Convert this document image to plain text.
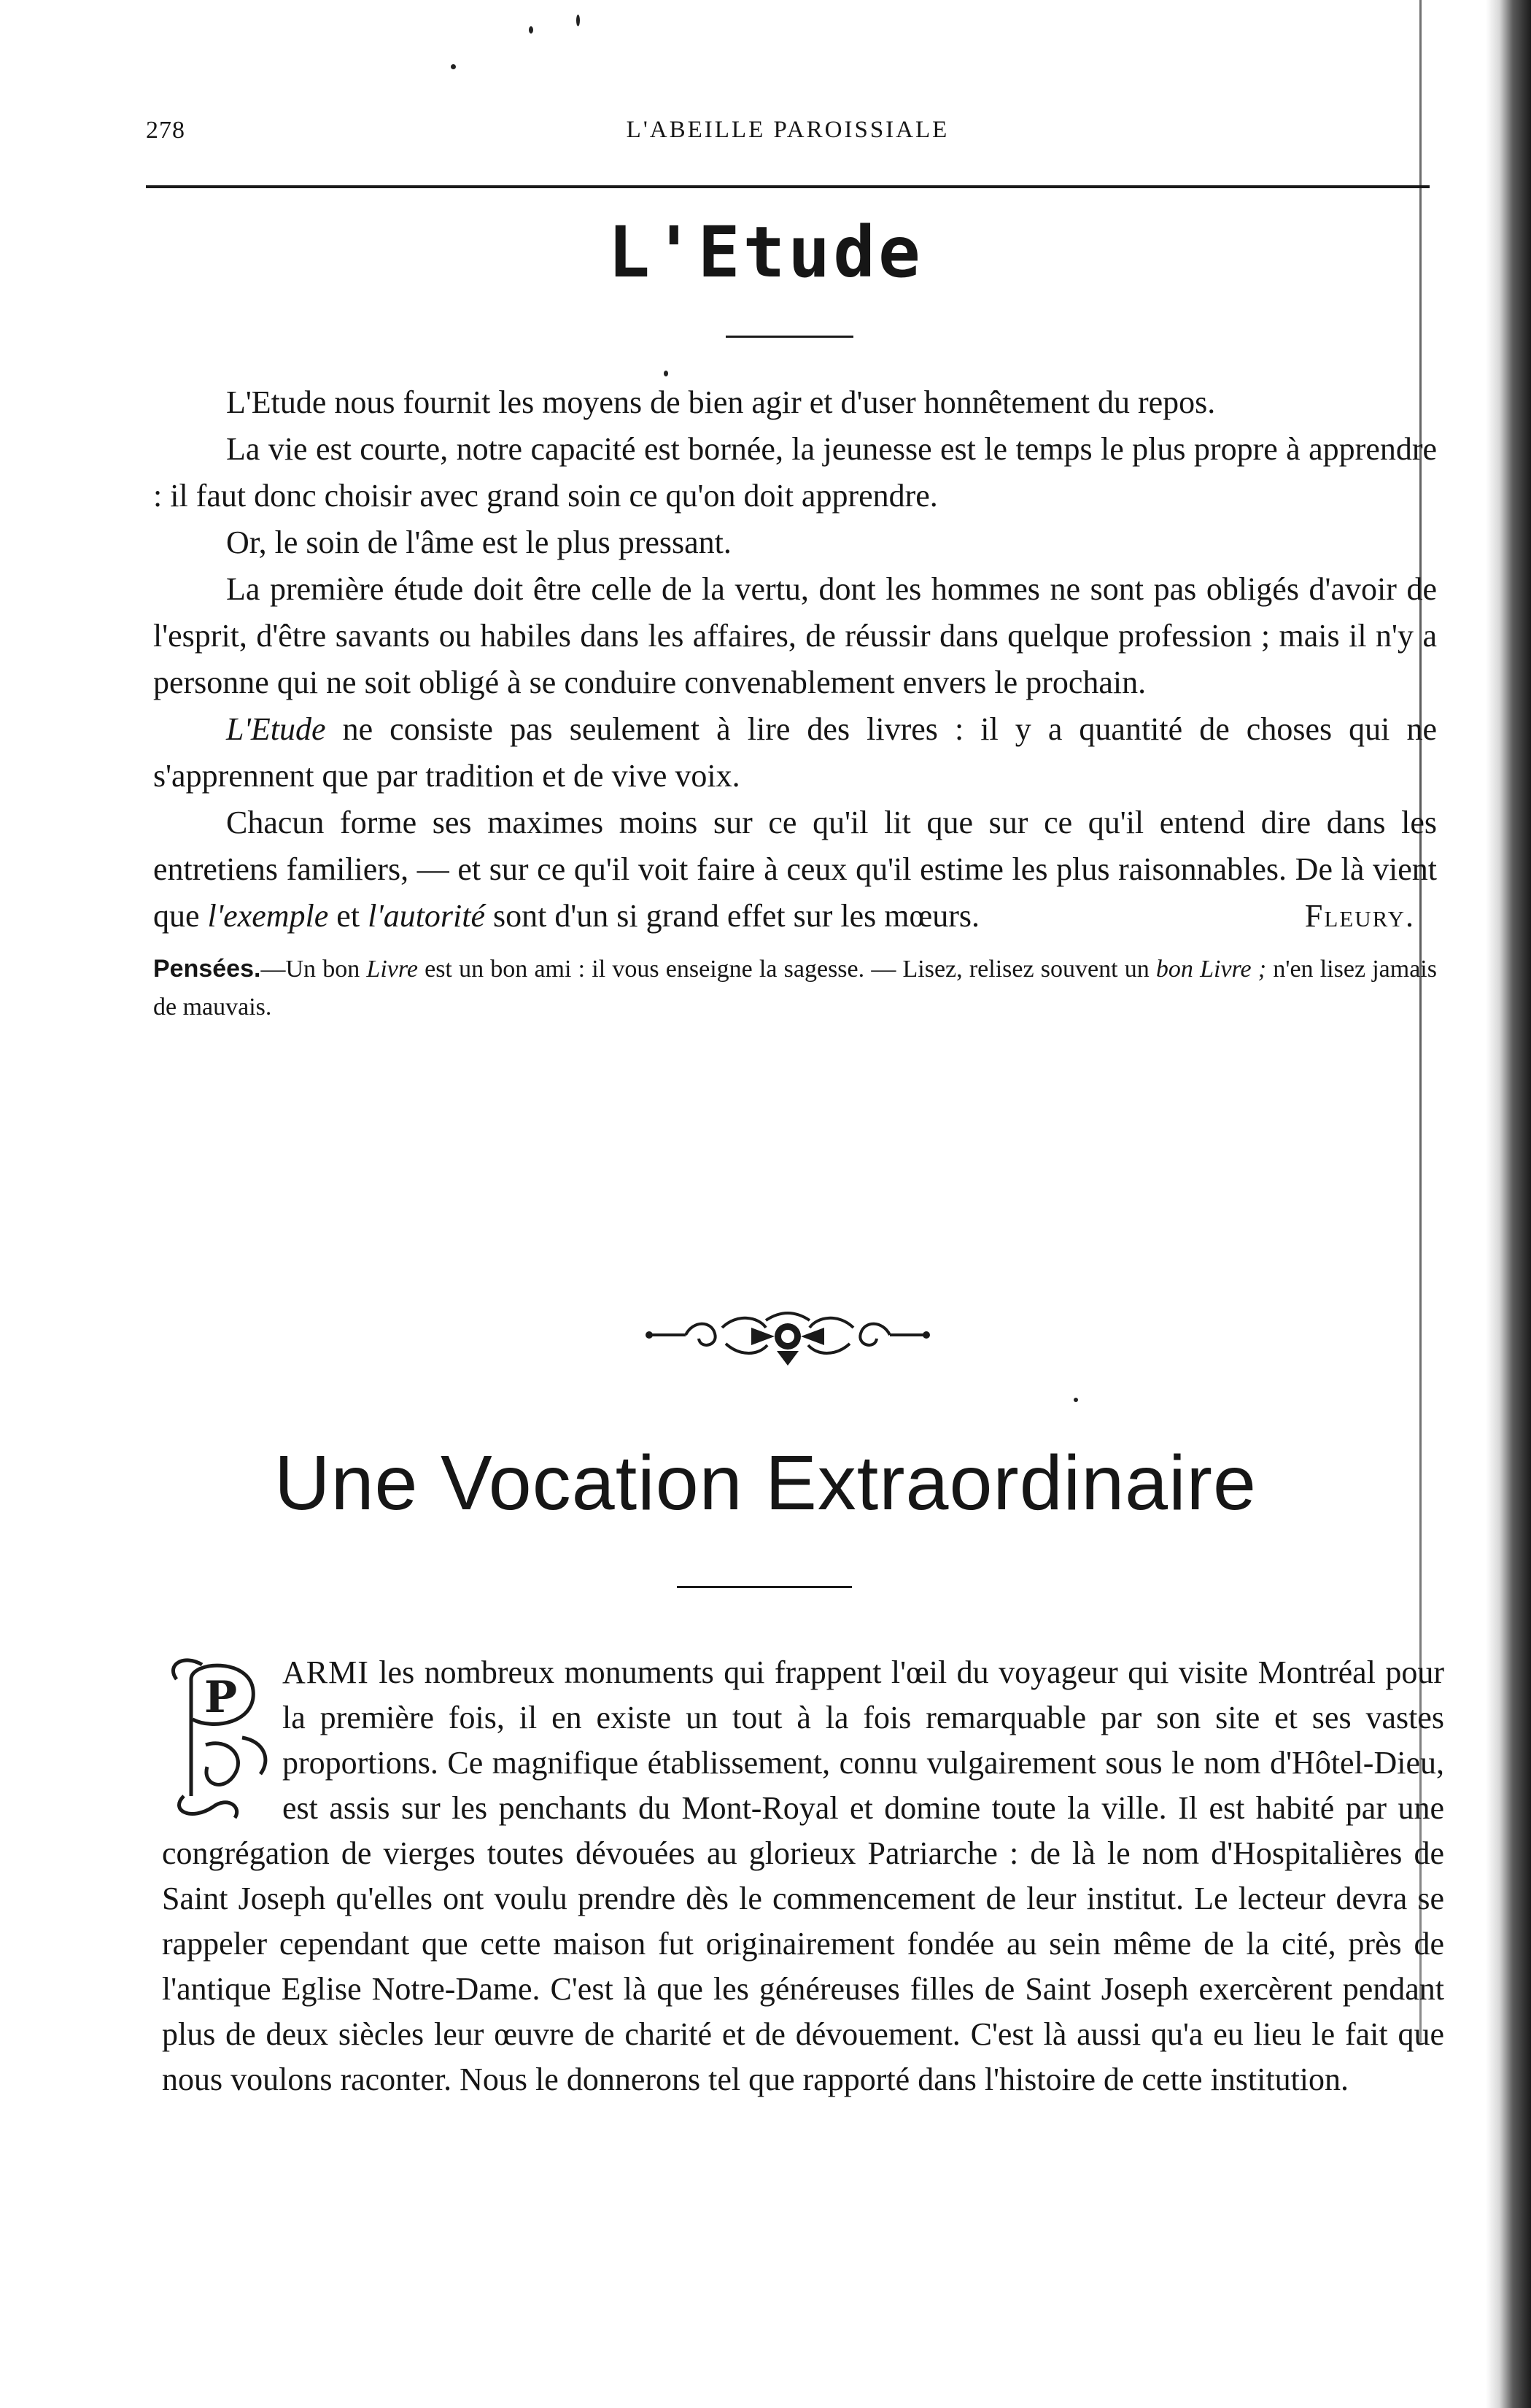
278	L'ABEILLE PAROISSIALE
L'Etude

L'Etude nous fournit les moyens de bien agir et d'user honnêtement du repos.

La vie est courte, notre capacité est bornée, la jeunesse est le temps le plus propre à apprendre : il faut donc choisir avec grand soin ce qu'on doit apprendre.

Or, le soin de l'âme est le plus pressant.

La première étude doit être celle de la vertu, dont les hommes ne sont pas obligés d'avoir de l'esprit, d'être savants ou habiles dans les affaires, de réussir dans quelque profession ; mais il n'y a personne qui ne soit obligé à se conduire convenablement envers le prochain.

L'Etude ne consiste pas seulement à lire des livres : il y a quantité de choses qui ne s'apprennent que par tradition et de vive voix.

Chacun forme ses maximes moins sur ce qu'il lit que sur ce qu'il entend dire dans les entretiens familiers, — et sur ce qu'il voit faire à ceux qu'il estime les plus raisonnables. De là vient que l'exemple et l'autorité sont d'un si grand effet sur les mœurs.	Fleury.

Pensées.—Un bon Livre est un bon ami : il vous enseigne la sagesse. — Lisez, relisez souvent un bon Livre ; n'en lisez jamais de mauvais.

Une Vocation Extraordinaire
P	ARMI les nombreux monuments qui frappent l'œil du voyageur qui visite Montréal pour la première fois, il en existe un tout à la fois remarquable par son site et ses vastes proportions. Ce magnifique établissement, connu vulgairement sous le nom d'Hôtel-Dieu, est assis sur les penchants du Mont-Royal et domine toute la ville. Il est habité par une congrégation de vierges toutes dévouées au glorieux Patriarche : de là le nom d'Hospitalières de Saint Joseph qu'elles ont voulu prendre dès le commencement de leur institut. Le lecteur devra se rappeler cependant que cette maison fut originairement fondée au sein même de la cité, près de l'antique Eglise Notre-Dame. C'est là que les généreuses filles de Saint Joseph exercèrent pendant plus de deux siècles leur œuvre de charité et de dévouement. C'est là aussi qu'a eu lieu le fait que nous voulons raconter. Nous le donnerons tel que rapporté dans l'histoire de cette institution.
